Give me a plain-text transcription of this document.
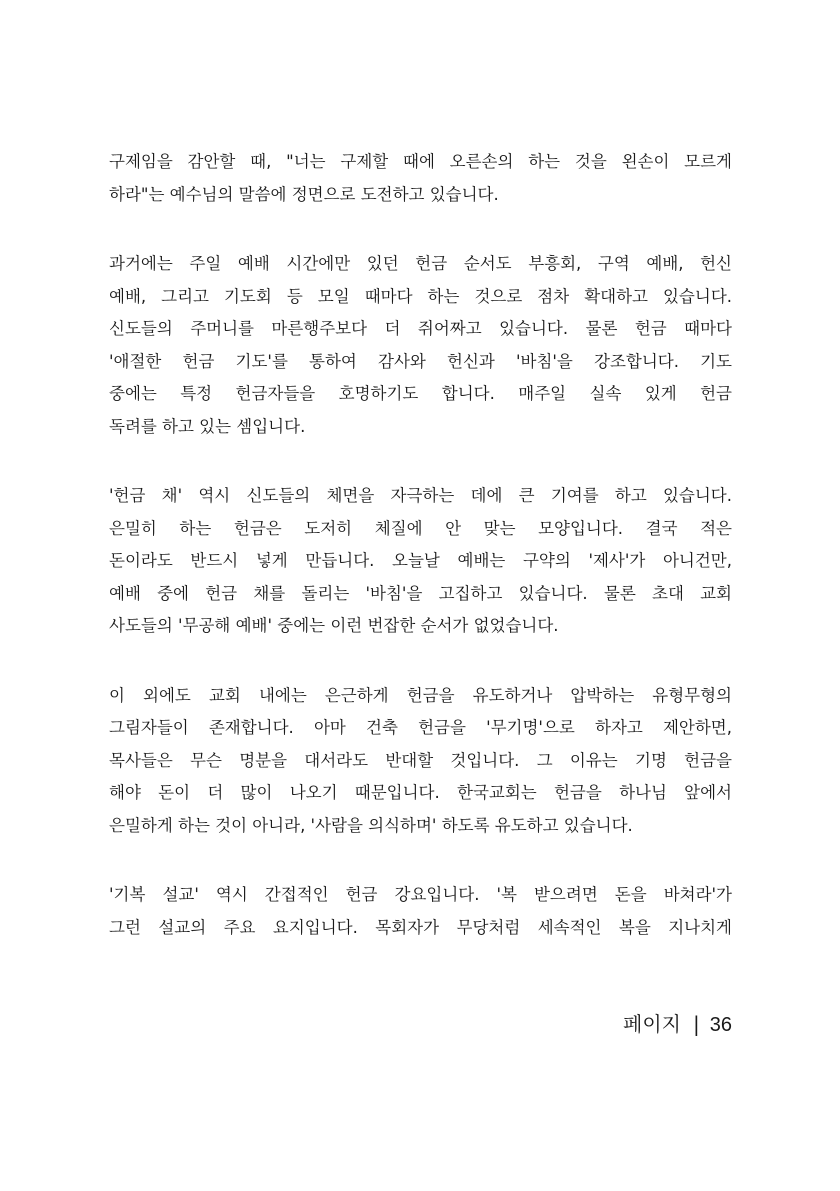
구제임을 감안할 때, "너는 구제할 때에 오른손의 하는 것을 왼손이 모르게
하라"는 예수님의 말씀에 정면으로 도전하고 있습니다.

과거에는 주일 예배 시간에만 있던 헌금 순서도 부흥회, 구역 예배, 헌신
예배, 그리고 기도회 등 모일 때마다 하는 것으로 점차 확대하고 있습니다.
신도들의 주머니를 마른행주보다 더 쥐어짜고 있습니다. 물론 헌금 때마다
'애절한 헌금 기도'를 통하여 감사와 헌신과 '바침'을 강조합니다. 기도
중에는 특정 헌금자들을 호명하기도 합니다. 매주일 실속 있게 헌금
독려를 하고 있는 셈입니다.

'헌금 채' 역시 신도들의 체면을 자극하는 데에 큰 기여를 하고 있습니다.
은밀히 하는 헌금은 도저히 체질에 안 맞는 모양입니다. 결국 적은
돈이라도 반드시 넣게 만듭니다. 오늘날 예배는 구약의 '제사'가 아니건만,
예배 중에 헌금 채를 돌리는 '바침'을 고집하고 있습니다. 물론 초대 교회
사도들의 '무공해 예배' 중에는 이런 번잡한 순서가 없었습니다.

이 외에도 교회 내에는 은근하게 헌금을 유도하거나 압박하는 유형무형의
그림자들이 존재합니다. 아마 건축 헌금을 '무기명'으로 하자고 제안하면,
목사들은 무슨 명분을 대서라도 반대할 것입니다. 그 이유는 기명 헌금을
해야 돈이 더 많이 나오기 때문입니다. 한국교회는 헌금을 하나님 앞에서
은밀하게 하는 것이 아니라, '사람을 의식하며' 하도록 유도하고 있습니다.

'기복 설교' 역시 간접적인 헌금 강요입니다. '복 받으려면 돈을 바쳐라'가
그런 설교의 주요 요지입니다. 목회자가 무당처럼 세속적인 복을 지나치게

페이지 | 36
